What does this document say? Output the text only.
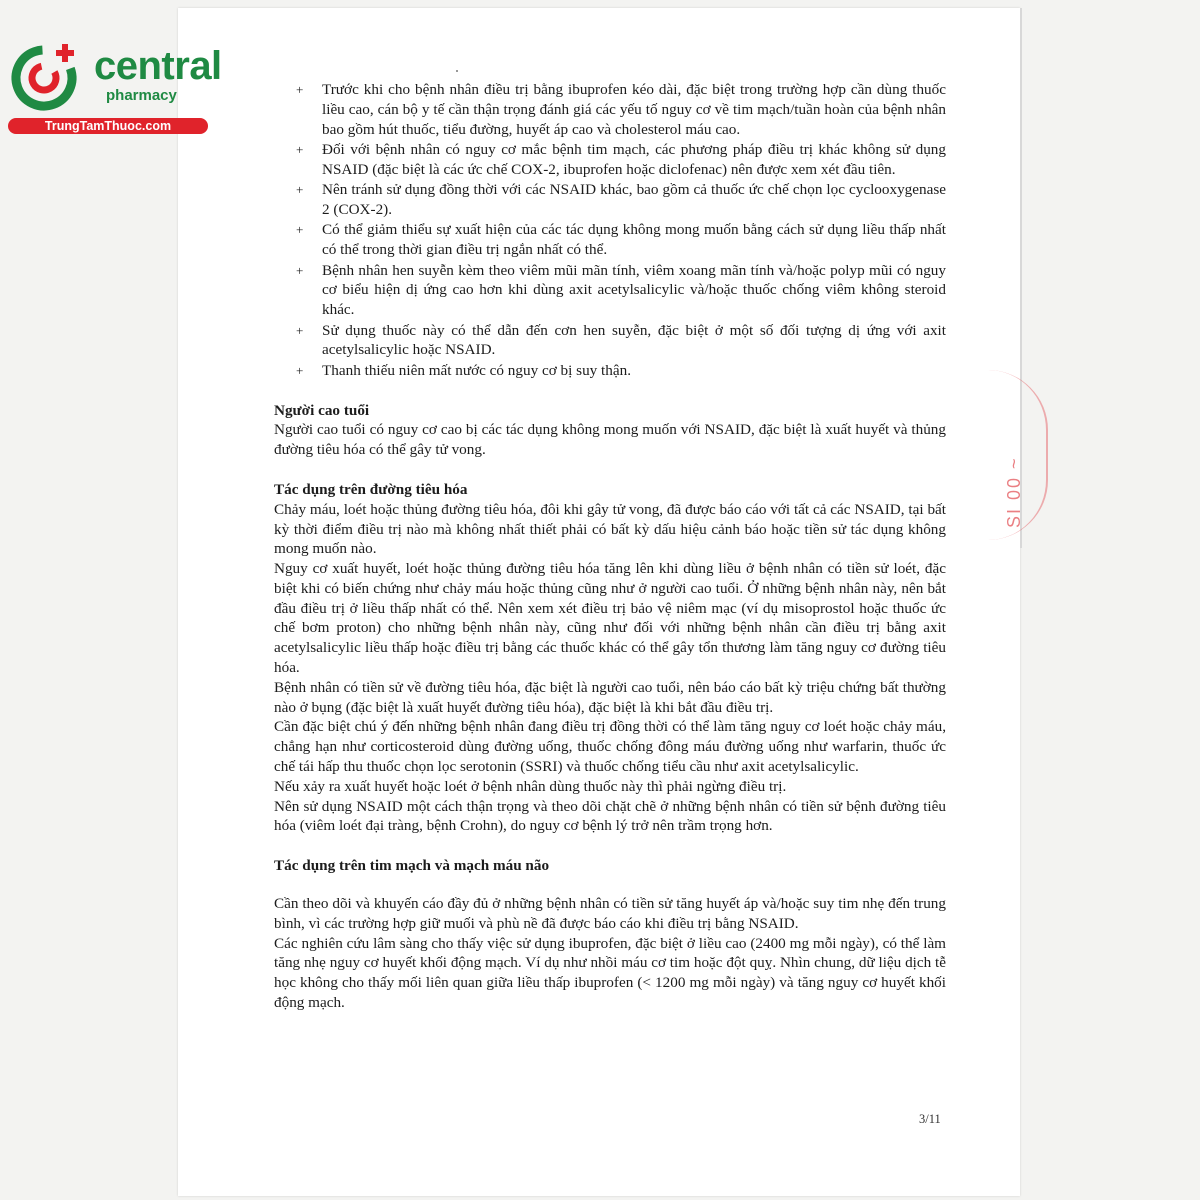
central
pharmacy
TrungTamThuoc.com
SI 00 ~
+ Trước khi cho bệnh nhân điều trị bằng ibuprofen kéo dài, đặc biệt trong trường hợp cần dùng thuốc liều cao, cán bộ y tế cần thận trọng đánh giá các yếu tố nguy cơ về tim mạch/tuần hoàn của bệnh nhân bao gồm hút thuốc, tiểu đường, huyết áp cao và cholesterol máu cao.
+ Đối với bệnh nhân có nguy cơ mắc bệnh tim mạch, các phương pháp điều trị khác không sử dụng NSAID (đặc biệt là các ức chế COX-2, ibuprofen hoặc diclofenac) nên được xem xét đầu tiên.
+ Nên tránh sử dụng đồng thời với các NSAID khác, bao gồm cả thuốc ức chế chọn lọc cyclooxygenase 2 (COX-2).
+ Có thể giảm thiểu sự xuất hiện của các tác dụng không mong muốn bằng cách sử dụng liều thấp nhất có thể trong thời gian điều trị ngắn nhất có thể.
+ Bệnh nhân hen suyễn kèm theo viêm mũi mãn tính, viêm xoang mãn tính và/hoặc polyp mũi có nguy cơ biểu hiện dị ứng cao hơn khi dùng axit acetylsalicylic và/hoặc thuốc chống viêm không steroid khác.
+ Sử dụng thuốc này có thể dẫn đến cơn hen suyễn, đặc biệt ở một số đối tượng dị ứng với axit acetylsalicylic hoặc NSAID.
+ Thanh thiếu niên mất nước có nguy cơ bị suy thận.
Người cao tuổi

Người cao tuổi có nguy cơ cao bị các tác dụng không mong muốn với NSAID, đặc biệt là xuất huyết và thủng đường tiêu hóa có thể gây tử vong.

Tác dụng trên đường tiêu hóa

Chảy máu, loét hoặc thủng đường tiêu hóa, đôi khi gây tử vong, đã được báo cáo với tất cả các NSAID, tại bất kỳ thời điểm điều trị nào mà không nhất thiết phải có bất kỳ dấu hiệu cảnh báo hoặc tiền sử tác dụng không mong muốn nào.

Nguy cơ xuất huyết, loét hoặc thủng đường tiêu hóa tăng lên khi dùng liều ở bệnh nhân có tiền sử loét, đặc biệt khi có biến chứng như chảy máu hoặc thủng cũng như ở người cao tuổi. Ở những bệnh nhân này, nên bắt đầu điều trị ở liều thấp nhất có thể. Nên xem xét điều trị bảo vệ niêm mạc (ví dụ misoprostol hoặc thuốc ức chế bơm proton) cho những bệnh nhân này, cũng như đối với những bệnh nhân cần điều trị bằng axit acetylsalicylic liều thấp hoặc điều trị bằng các thuốc khác có thể gây tổn thương làm tăng nguy cơ đường tiêu hóa.

Bệnh nhân có tiền sử về đường tiêu hóa, đặc biệt là người cao tuổi, nên báo cáo bất kỳ triệu chứng bất thường nào ở bụng (đặc biệt là xuất huyết đường tiêu hóa), đặc biệt là khi bắt đầu điều trị.

Cần đặc biệt chú ý đến những bệnh nhân đang điều trị đồng thời có thể làm tăng nguy cơ loét hoặc chảy máu, chẳng hạn như corticosteroid dùng đường uống, thuốc chống đông máu đường uống như warfarin, thuốc ức chế tái hấp thu thuốc chọn lọc serotonin (SSRI) và thuốc chống tiểu cầu như axit acetylsalicylic.

Nếu xảy ra xuất huyết hoặc loét ở bệnh nhân dùng thuốc này thì phải ngừng điều trị.

Nên sử dụng NSAID một cách thận trọng và theo dõi chặt chẽ ở những bệnh nhân có tiền sử bệnh đường tiêu hóa (viêm loét đại tràng, bệnh Crohn), do nguy cơ bệnh lý trở nên trầm trọng hơn.

Tác dụng trên tim mạch và mạch máu não

Cần theo dõi và khuyến cáo đầy đủ ở những bệnh nhân có tiền sử tăng huyết áp và/hoặc suy tim nhẹ đến trung bình, vì các trường hợp giữ muối và phù nề đã được báo cáo khi điều trị bằng NSAID.

Các nghiên cứu lâm sàng cho thấy việc sử dụng ibuprofen, đặc biệt ở liều cao (2400 mg mỗi ngày), có thể làm tăng nhẹ nguy cơ huyết khối động mạch. Ví dụ như nhồi máu cơ tim hoặc đột quỵ. Nhìn chung, dữ liệu dịch tễ học không cho thấy mối liên quan giữa liều thấp ibuprofen (< 1200 mg mỗi ngày) và tăng nguy cơ huyết khối động mạch.

3/11
